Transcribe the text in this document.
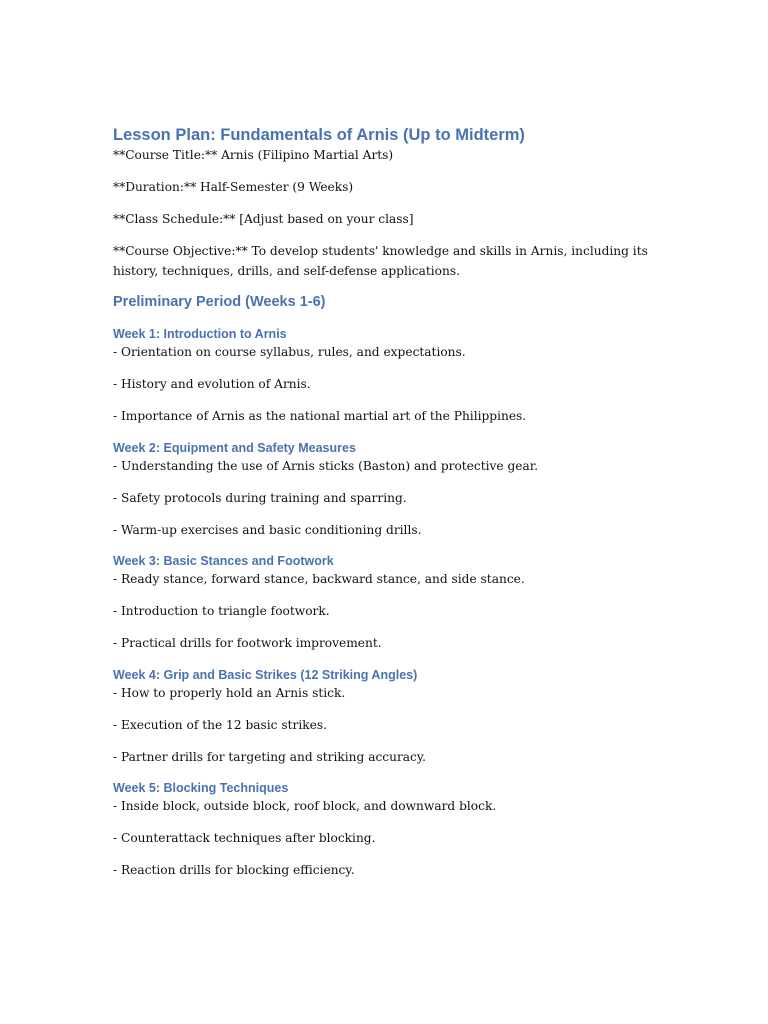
Lesson Plan: Fundamentals of Arnis (Up to Midterm)

**Course Title:** Arnis (Filipino Martial Arts)

**Duration:** Half-Semester (9 Weeks)

**Class Schedule:** [Adjust based on your class]

**Course Objective:** To develop students' knowledge and skills in Arnis, including its

history, techniques, drills, and self-defense applications.

Preliminary Period (Weeks 1-6)
Week 1: Introduction to Arnis

- Orientation on course syllabus, rules, and expectations.

- History and evolution of Arnis.

- Importance of Arnis as the national martial art of the Philippines.

Week 2: Equipment and Safety Measures

- Understanding the use of Arnis sticks (Baston) and protective gear.

- Safety protocols during training and sparring.

- Warm-up exercises and basic conditioning drills.

Week 3: Basic Stances and Footwork

- Ready stance, forward stance, backward stance, and side stance.

- Introduction to triangle footwork.

- Practical drills for footwork improvement.

Week 4: Grip and Basic Strikes (12 Striking Angles)

- How to properly hold an Arnis stick.

- Execution of the 12 basic strikes.

- Partner drills for targeting and striking accuracy.

Week 5: Blocking Techniques

- Inside block, outside block, roof block, and downward block.

- Counterattack techniques after blocking.

- Reaction drills for blocking efficiency.
